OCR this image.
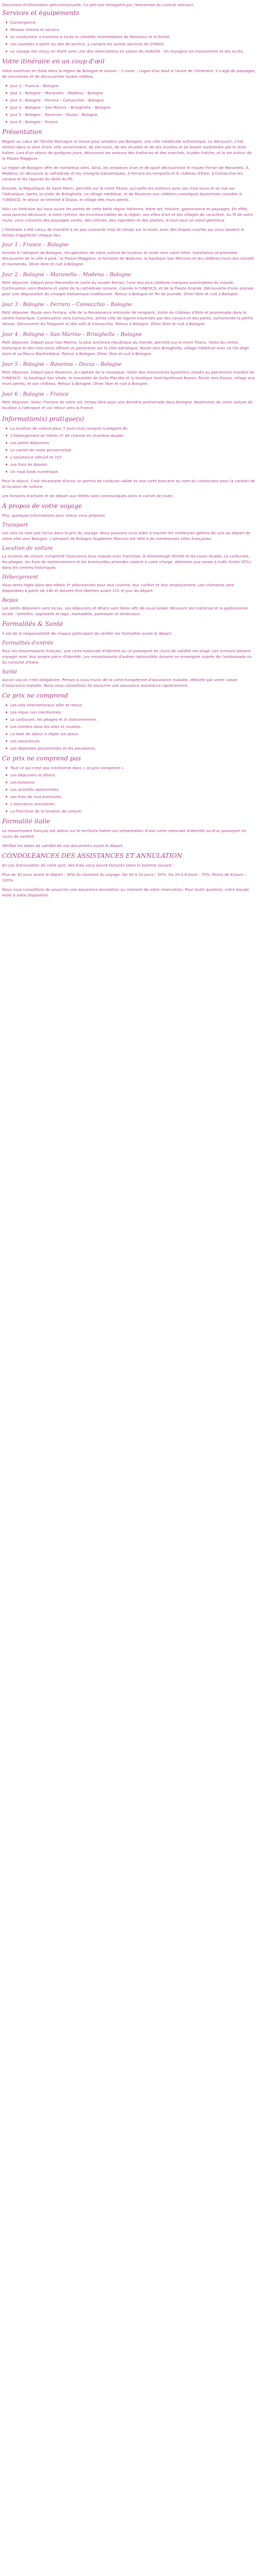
Document d'information précontractuelle. Ce pré-voir enregistré par l'entremise du contrat relevant.
Services et équipements
Convergence
Réseau interne et service.
Le conducteur a transmis à toute la clientèle intermédiaire de Monsieur et le forfait.
Les navettes à partir du site de service, y compris les autres services de SYNGO.
Le voyage est conçu en étant avec une des réservations en saison de mobilité - en voyageur en mouvement et ses accès.
Votre itinéraire en un coup d'œil

Votre aventure en Italie dans la région de Bologne et autour – 1 route – Logez d'un bout à l'autre de l'itinéraire. Il s'agit de paysages, de rencontres et de découvertes toutes mêlées.

Jour 1 : Francia – Bologne
Jour 2 : Bologne – Maranello – Modena – Bologne
Jour 3 : Bologne – Ferrara – Comacchio – Bologne
Jour 4 : Bologne – San Marino – Brisighella – Bologne
Jour 5 : Bologne – Ravenna – Dozza – Bologne
Jour 6 : Bologne – France
Présentation

Région au cœur de l'Emilie-Romagne et tenue pour amateur par Bologne, une ville médiévale authentique. Le découvrir, c'est rentrer dans la sève d'une ville universitaire, de ses tours, de ses arcades et de ses musées et se laisser surprendre par le style italien. Lors d'un séjour de quelques jours, découvrez les saveurs des trattorias et des marchés, la pâte fraîche, et la vie autour de la Piazza Maggiore.

La région de Bologne offre de nombreux sites. Ainsi, les amateurs d'art et de sport découvriront le musée Ferrari de Maranello. À Modena, on découvre la cathédrale et les vinaigres balsamiques, à Ferrara les remparts et le château d'Este, à Comacchio les canaux et les lagunes du delta du Pô.

Ensuite, la République de Saint-Marin, perchée sur le mont Titano, accueille les visiteurs avec ses trois tours et sa vue sur l'Adriatique. Après, la visite de Brisighella, un village médiéval, et de Ravenne aux célèbres mosaïques byzantines classées à l'UNESCO, le séjour se termine à Dozza, le village des murs peints.

Voici un itinéraire qui vous ouvre les portes de cette belle région italienne, entre art, histoire, gastronomie et paysages. En effet, vous pourrez découvrir, à votre rythme, les incontournables de la région, ses villes d'art et ses villages de caractère. Au fil de votre route, vous croiserez des paysages variés, des collines, des vignobles et des plaines, le tout sous un soleil généreux.

L'itinéraire a été conçu de manière à ne pas consacrer trop de temps sur la route, avec des étapes courtes qui vous laissent le temps d'apprécier chaque lieu.

Jour 1 : France – Bologne

Arrivée à l'aéroport de Bologne, récupération de votre voiture de location et route vers votre hôtel. Installation et première découverte de la ville à pied : la Piazza Maggiore, la fontaine de Neptune, la basilique San Petronio et les célèbres tours des Asinelli et Garisenda. Dîner libre et nuit à Bologne.

Jour 2 : Bologne – Maranello – Modena – Bologne

Petit déjeuner. Départ pour Maranello et visite du musée Ferrari, l'une des plus célèbres marques automobiles du monde. Continuation vers Modena et visite de la cathédrale romane, classée à l'UNESCO, et de la Piazza Grande. Découverte d'une acetaia pour une dégustation du vinaigre balsamique traditionnel. Retour à Bologne en fin de journée. Dîner libre et nuit à Bologne.

Jour 3 : Bologne – Ferrara – Comacchio – Bologne

Petit déjeuner. Route vers Ferrara, ville de la Renaissance entourée de remparts. Visite du château d'Este et promenade dans le centre historique. Continuation vers Comacchio, petite ville de lagune traversée par des canaux et des ponts, surnommée la petite Venise. Découverte du Trepponti et des valli di Comacchio. Retour à Bologne. Dîner libre et nuit à Bologne.

Jour 4 : Bologne – San Marino – Brisighella – Bologne

Petit déjeuner. Départ pour San Marino, la plus ancienne république du monde, perchée sur le mont Titano. Visite du centre historique et des trois tours offrant un panorama sur la côte Adriatique. Route vers Brisighella, village médiéval avec sa Via degli Asini et sa Rocca Manfrediana. Retour à Bologne. Dîner libre et nuit à Bologne.

Jour 5 : Bologne – Ravenna – Dozza – Bologne

Petit déjeuner. Départ pour Ravenne, la capitale de la mosaïque. Visite des monuments byzantins classés au patrimoine mondial de l'UNESCO : la basilique San Vitale, le mausolée de Galla Placidia et la basilique Sant'Apollinare Nuovo. Route vers Dozza, village aux murs peints, et son château. Retour à Bologne. Dîner libre et nuit à Bologne.

Jour 6 : Bologne – France

Petit déjeuner. Selon l'horaire de votre vol, temps libre pour une dernière promenade dans Bologne. Restitution de votre voiture de location à l'aéroport et vol retour vers la France.

Information(s) pratique(s)
La location de voiture pour 7 jours tout compris (catégorie B).
L'hébergement en hôtels 3* de charme en chambre double.
Les petits déjeuners.
Le carnet de route personnalisé.
L'assistance 24h/24 et 7j/7.
Les frais de dossier.
Un road book numérique.

Pour le séjour, il est nécessaire d'avoir un permis de conduire valide et une carte bancaire au nom du conducteur pour la caution de la location de voiture.

Les horaires d'arrivée et de départ aux hôtels sont communiqués dans le carnet de route.

À propos de votre voyage

Prix, quelques informations pour mieux vous préparer.

Transport

Les vols ne sont pas inclus dans le prix du voyage. Nous pouvons vous aider à trouver les meilleures options de vols au départ de votre ville vers Bologne. L'aéroport de Bologne Guglielmo Marconi est relié à de nombreuses villes françaises.

Location de voiture

La location de voiture comprend l'assurance tous risques avec franchise, le kilométrage illimité et les taxes locales. Le carburant, les péages, les frais de stationnement et les éventuelles amendes restent à votre charge. Attention aux zones à trafic limité (ZTL) dans les centres historiques.

Hébergement

Vous serez logés dans des hôtels 3* sélectionnés pour leur charme, leur confort et leur emplacement. Les chambres sont disponibles à partir de 14h et doivent être libérées avant 11h le jour du départ.

Repas

Les petits déjeuners sont inclus. Les déjeuners et dîners sont libres afin de vous laisser découvrir les trattorias et la gastronomie locale : tortellini, tagliatelle al ragù, mortadelle, parmesan et lambrusco.

Formalités & Santé

Il est de la responsabilité de chaque participant de vérifier les formalités avant le départ.

Formalités d'entrée

Pour les ressortissants français, une carte nationale d'identité ou un passeport en cours de validité est exigé. Les mineurs doivent voyager avec leur propre pièce d'identité. Les ressortissants d'autres nationalités doivent se renseigner auprès de l'ambassade ou du consulat d'Italie.

Santé

Aucun vaccin n'est obligatoire. Pensez à vous munir de la carte européenne d'assurance maladie, délivrée par votre caisse d'assurance maladie. Nous vous conseillons de souscrire une assurance assistance rapatriement.

Ce prix ne comprend
Les vols internationaux aller et retour.
Les repas non mentionnés.
Le carburant, les péages et le stationnement.
Les entrées dans les sites et musées.
La taxe de séjour à régler sur place.
Les assurances.
Les dépenses personnelles et les pourboires.
Ce prix ne comprend pas
Tout ce qui n'est pas mentionné dans « ce prix comprend ».
Les déjeuners et dîners.
Les boissons.
Les activités optionnelles.
Les frais de visa éventuels.
L'assurance annulation.
La franchise de la location de voiture.
Formalité italie

Le ressortissant français est admis sur le territoire italien sur présentation d'une carte nationale d'identité ou d'un passeport en cours de validité.

Vérifiez les dates de validité de vos documents avant le départ.

CONDOLEANCES DES ASSISTANCES ET ANNULATION

En cas d'annulation de votre part, des frais vous seront facturés selon le barème suivant :

Plus de 30 jours avant le départ : 30% du montant du voyage. De 30 à 21 jours : 50%. De 20 à 8 jours : 75%. Moins de 8 jours : 100%.

Nous vous conseillons de souscrire une assurance annulation au moment de votre réservation. Pour toute question, notre équipe reste à votre disposition.
